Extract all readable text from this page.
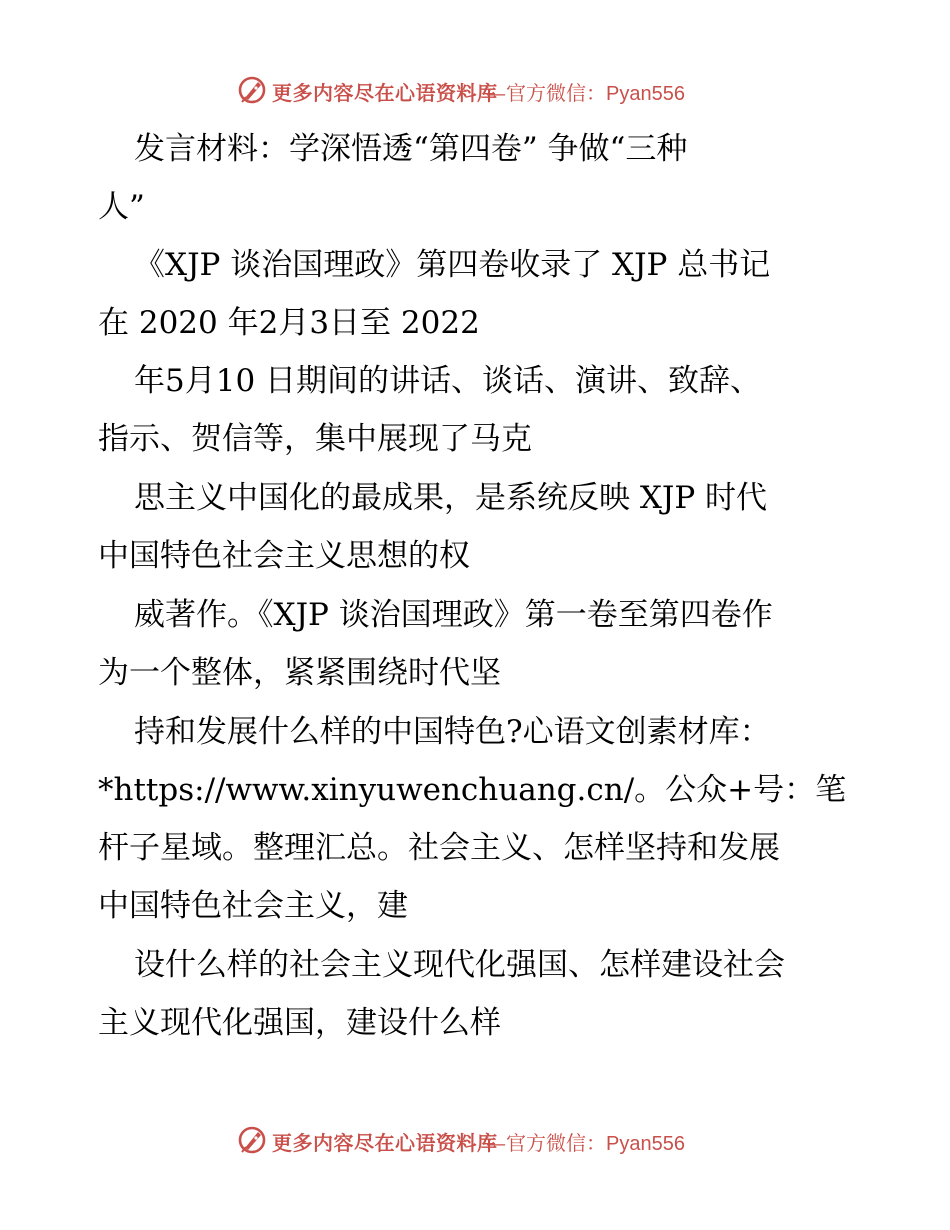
更多内容尽在心语资料库
—官方微信：Pyan556
发言材料：学深悟透“第四卷” 争做“三种
人”
《XJP 谈治国理政》第四卷收录了 XJP 总书记
在 2020 年2月3日至 2022
年5月10 日期间的讲话、谈话、演讲、致辞、
指示、贺信等，集中展现了马克
思主义中国化的最成果，是系统反映 XJP 时代
中国特色社会主义思想的权
威著作。《XJP 谈治国理政》第一卷至第四卷作
为一个整体，紧紧围绕时代坚
持和发展什么样的中国特色?心语文创素材库：
*https://www.xinyuwenchuang.cn/。公众+号：笔
杆子星域。整理汇总。社会主义、怎样坚持和发展
中国特色社会主义，建
设什么样的社会主义现代化强国、怎样建设社会
主义现代化强国，建设什么样
更多内容尽在心语资料库
—官方微信：Pyan556
